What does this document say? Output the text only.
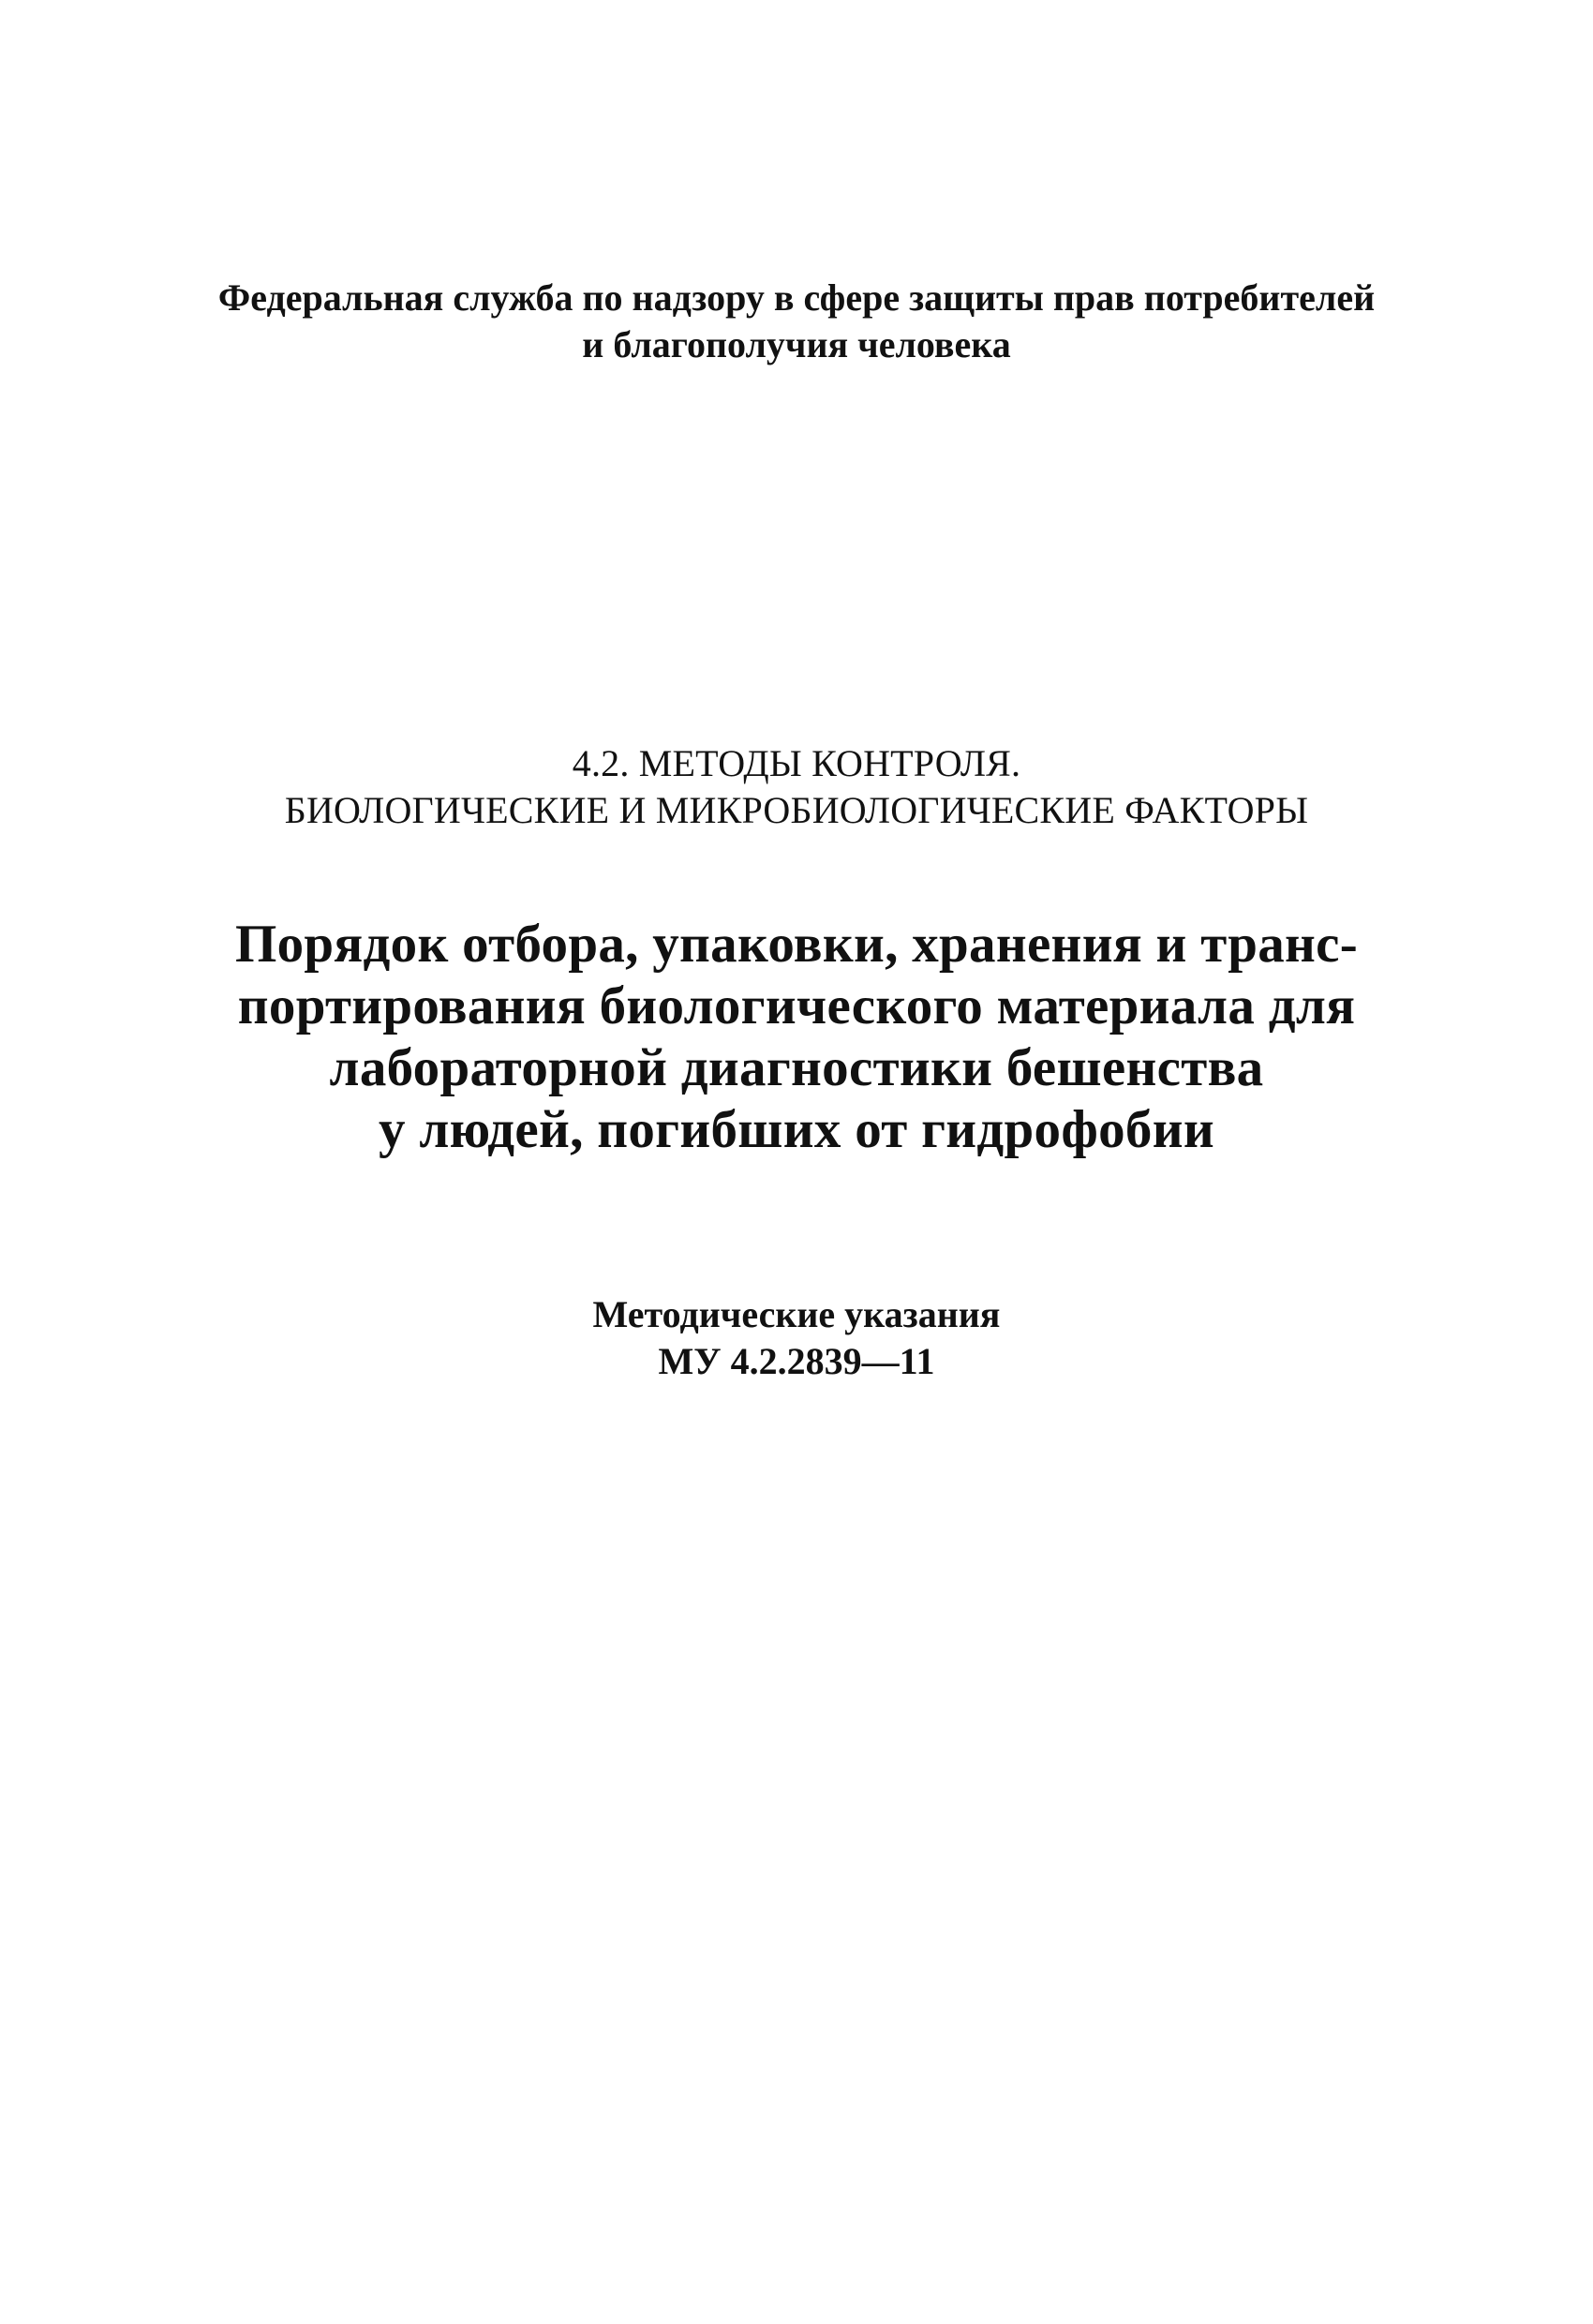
Федеральная служба по надзору в сфере защиты прав потребителей
и благополучия человека
4.2. МЕТОДЫ КОНТРОЛЯ.
БИОЛОГИЧЕСКИЕ И МИКРОБИОЛОГИЧЕСКИЕ ФАКТОРЫ
Порядок отбора, упаковки, хранения и транс-
портирования биологического материала для
лабораторной диагностики бешенства
у людей, погибших от гидрофобии
Методические указания
МУ 4.2.2839—11
